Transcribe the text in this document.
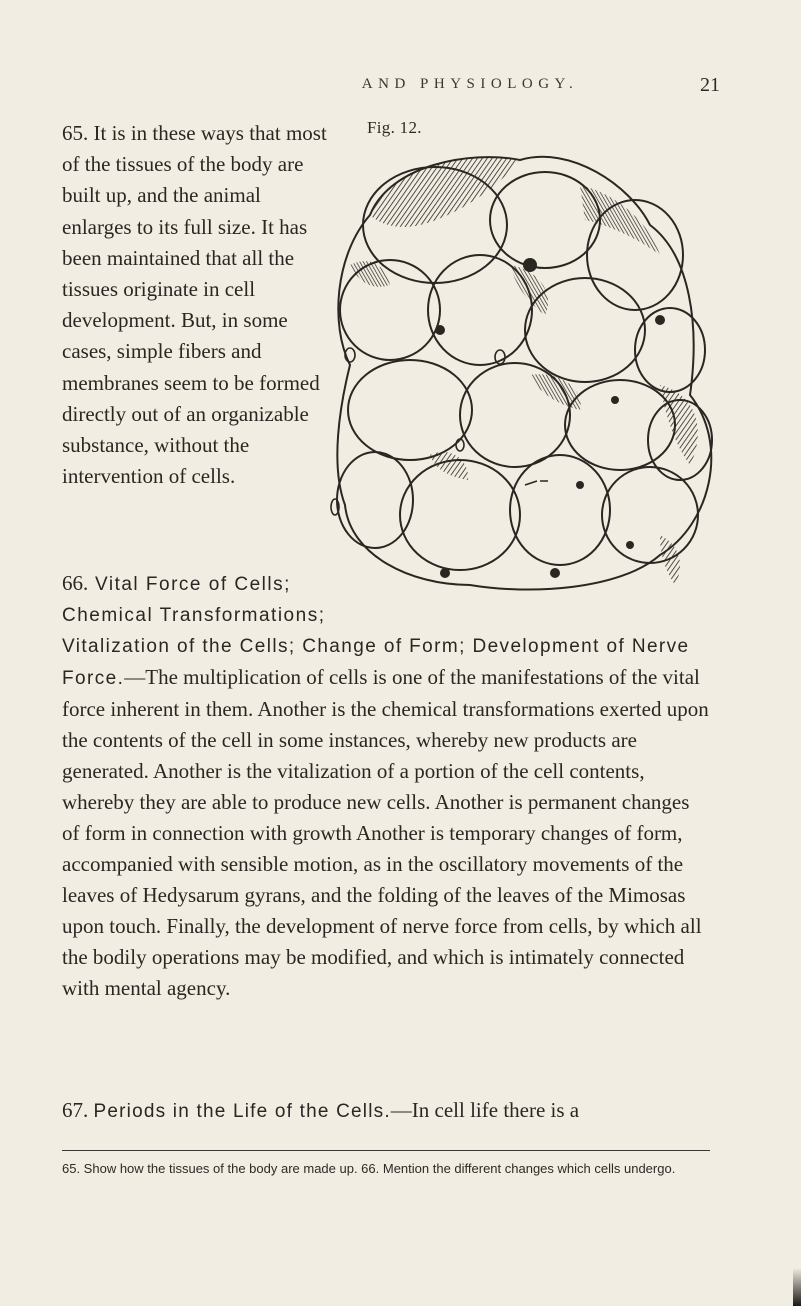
AND PHYSIOLOGY.	21
65. It is in these ways that most of the tissues of the body are built up, and the animal enlarges to its full size. It has been maintained that all the tissues originate in cell development. But, in some cases, simple fibers and membranes seem to be formed directly out of an organizable substance, without the intervention of cells.
Fig. 12.
66. Vital Force of Cells; Chemical Transformations;
Vitalization of the Cells; Change of Form; Development of Nerve Force.—The multiplication of cells is one of the manifestations of the vital force inherent in them. Another is the chemical transformations exerted upon the contents of the cell in some instances, whereby new products are generated. Another is the vitalization of a portion of the cell contents, whereby they are able to produce new cells. Another is permanent changes of form in connection with growth Another is temporary changes of form, accompanied with sensible motion, as in the oscillatory movements of the leaves of Hedysarum gyrans, and the folding of the leaves of the Mimosas upon touch. Finally, the development of nerve force from cells, by which all the bodily operations may be modified, and which is intimately connected with mental agency.
67. Periods in the Life of the Cells.—In cell life there is a
65. Show how the tissues of the body are made up. 66. Mention the different changes which cells undergo.
